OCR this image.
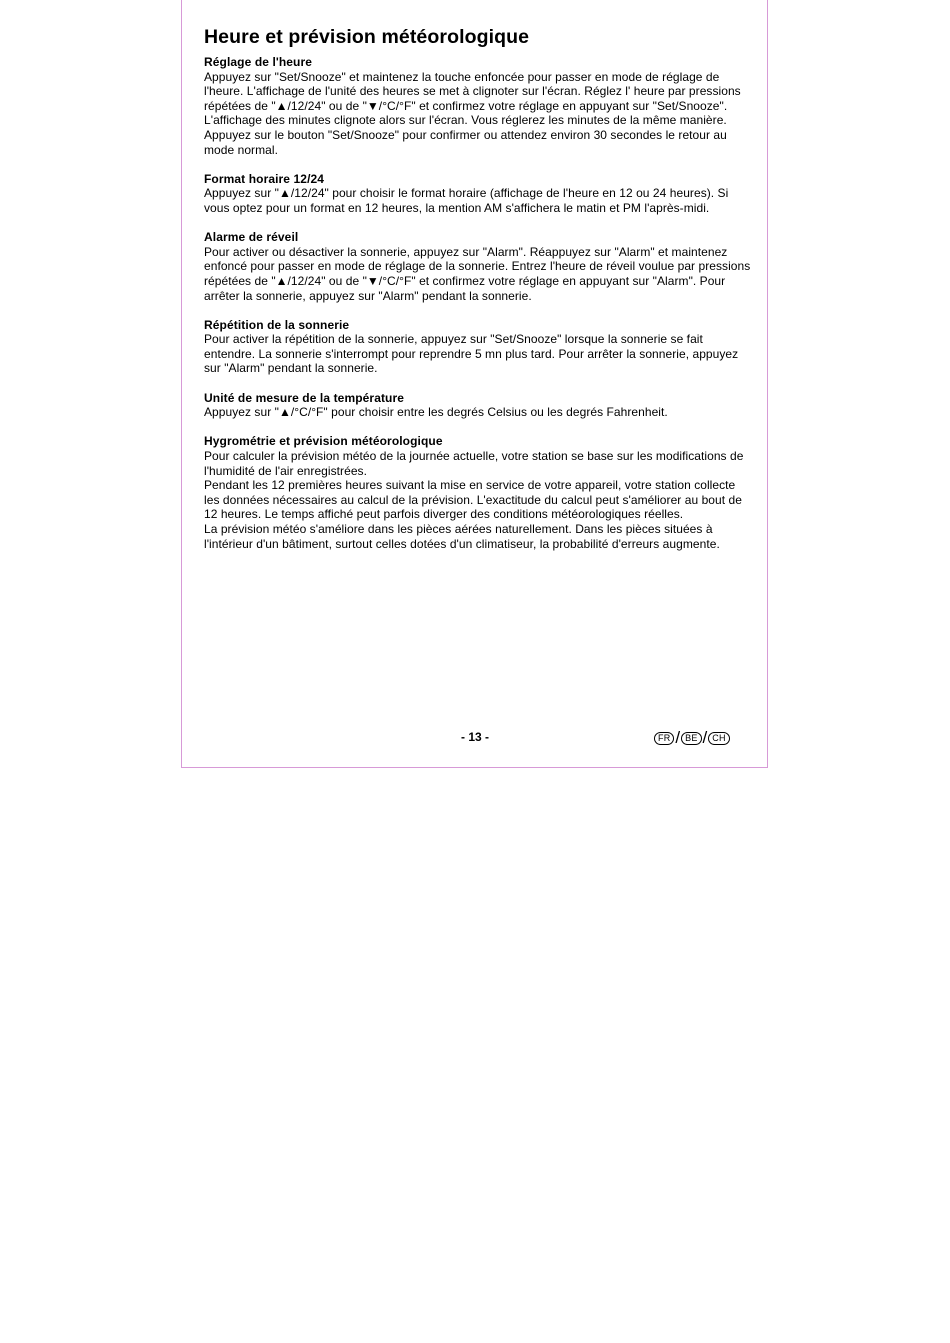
Heure et prévision météorologique
Réglage de l'heure

Appuyez sur "Set/Snooze" et maintenez la touche enfoncée pour passer en mode de réglage de l'heure. L'affichage de l'unité des heures se met à clignoter sur l'écran. Réglez l' heure par pressions répétées de "▲/12/24" ou de "▼/°C/°F" et confirmez votre réglage en appuyant sur "Set/Snooze". L'affichage des minutes clignote alors sur l'écran. Vous réglerez les minutes de la même manière. Appuyez sur le bouton "Set/Snooze" pour confirmer ou attendez environ 30 secondes le retour au mode normal.

Format horaire 12/24

Appuyez sur "▲/12/24" pour choisir le format horaire (affichage de l'heure en 12 ou 24 heures). Si vous optez pour un format en 12 heures, la mention AM s'affichera le matin et PM l'après-midi.

Alarme de réveil

Pour activer ou désactiver la sonnerie, appuyez sur "Alarm". Réappuyez sur "Alarm" et maintenez enfoncé pour passer en mode de réglage de la sonnerie. Entrez l'heure de réveil voulue par pressions répétées de "▲/12/24" ou de "▼/°C/°F" et confirmez votre réglage en appuyant sur "Alarm". Pour arrêter la sonnerie, appuyez sur "Alarm" pendant la sonnerie.

Répétition de la sonnerie

Pour activer la répétition de la sonnerie, appuyez sur "Set/Snooze" lorsque la sonnerie se fait entendre. La sonnerie s'interrompt pour reprendre 5 mn plus tard. Pour arrêter la sonnerie, appuyez sur "Alarm" pendant la sonnerie.

Unité de mesure de la température

Appuyez sur "▲/°C/°F" pour choisir entre les degrés Celsius ou les degrés Fahrenheit.

Hygrométrie et prévision météorologique

Pour calculer la prévision météo de la journée actuelle, votre station se base sur les modifications de l'humidité de l'air enregistrées.

Pendant les 12 premières heures suivant la mise en service de votre appareil, votre station collecte les données nécessaires au calcul de la prévision. L'exactitude du calcul peut s'améliorer au bout de 12 heures. Le temps affiché peut parfois diverger des conditions météorologiques réelles.

La prévision météo s'améliore dans les pièces aérées naturellement. Dans les pièces situées à l'intérieur d'un bâtiment, surtout celles dotées d'un climatiseur, la probabilité d'erreurs augmente.

- 13 -	FR / BE / CH
